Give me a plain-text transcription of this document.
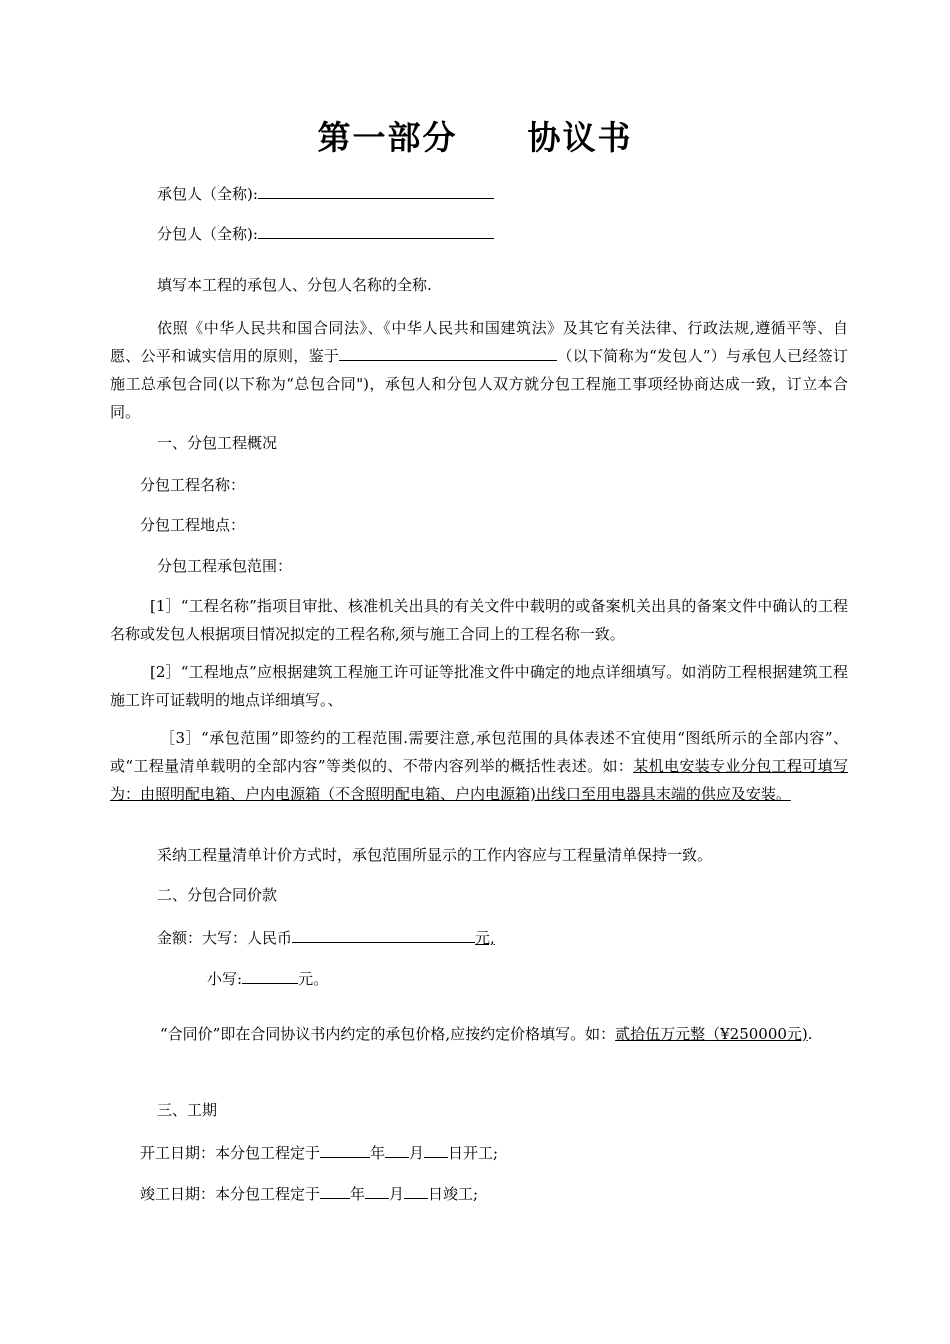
第一部分 协议书
承包人（全称):
分包人（全称):
填写本工程的承包人、分包人名称的全称.
依照《中华人民共和国合同法》、《中华人民共和国建筑法》及其它有关法律、行政法规,遵循平等、自愿、公平和诚实信用的原则，鉴于	（以下简称为“发包人”）与承包人已经签订施工总承包合同(以下称为“总包合同")，承包人和分包人双方就分包工程施工事项经协商达成一致，订立本合同。
一、分包工程概况
分包工程名称：
分包工程地点：
分包工程承包范围：
[1］“工程名称”指项目审批、核准机关出具的有关文件中载明的或备案机关出具的备案文件中确认的工程名称或发包人根据项目情况拟定的工程名称,须与施工合同上的工程名称一致。
[2］“工程地点”应根据建筑工程施工许可证等批准文件中确定的地点详细填写。如消防工程根据建筑工程施工许可证载明的地点详细填写。、
［3］“承包范围”即签约的工程范围.需要注意,承包范围的具体表述不宜使用“图纸所示的全部内容”、或“工程量清单载明的全部内容”等类似的、不带内容列举的概括性表述。如：某机电安装专业分包工程可填写为：由照明配电箱、户内电源箱（不含照明配电箱、户内电源箱)出线口至用电器具末端的供应及安装。
采纳工程量清单计价方式时，承包范围所显示的工作内容应与工程量清单保持一致。
二、分包合同价款
金额：大写：人民币	元,
小写:	元。
“合同价”即在合同协议书内约定的承包价格,应按约定价格填写。如：贰拾伍万元整（¥250000元).
三、工期
开工日期：本分包工程定于	年 月 日开工;
竣工日期：本分包工程定于 年 月 日竣工;
